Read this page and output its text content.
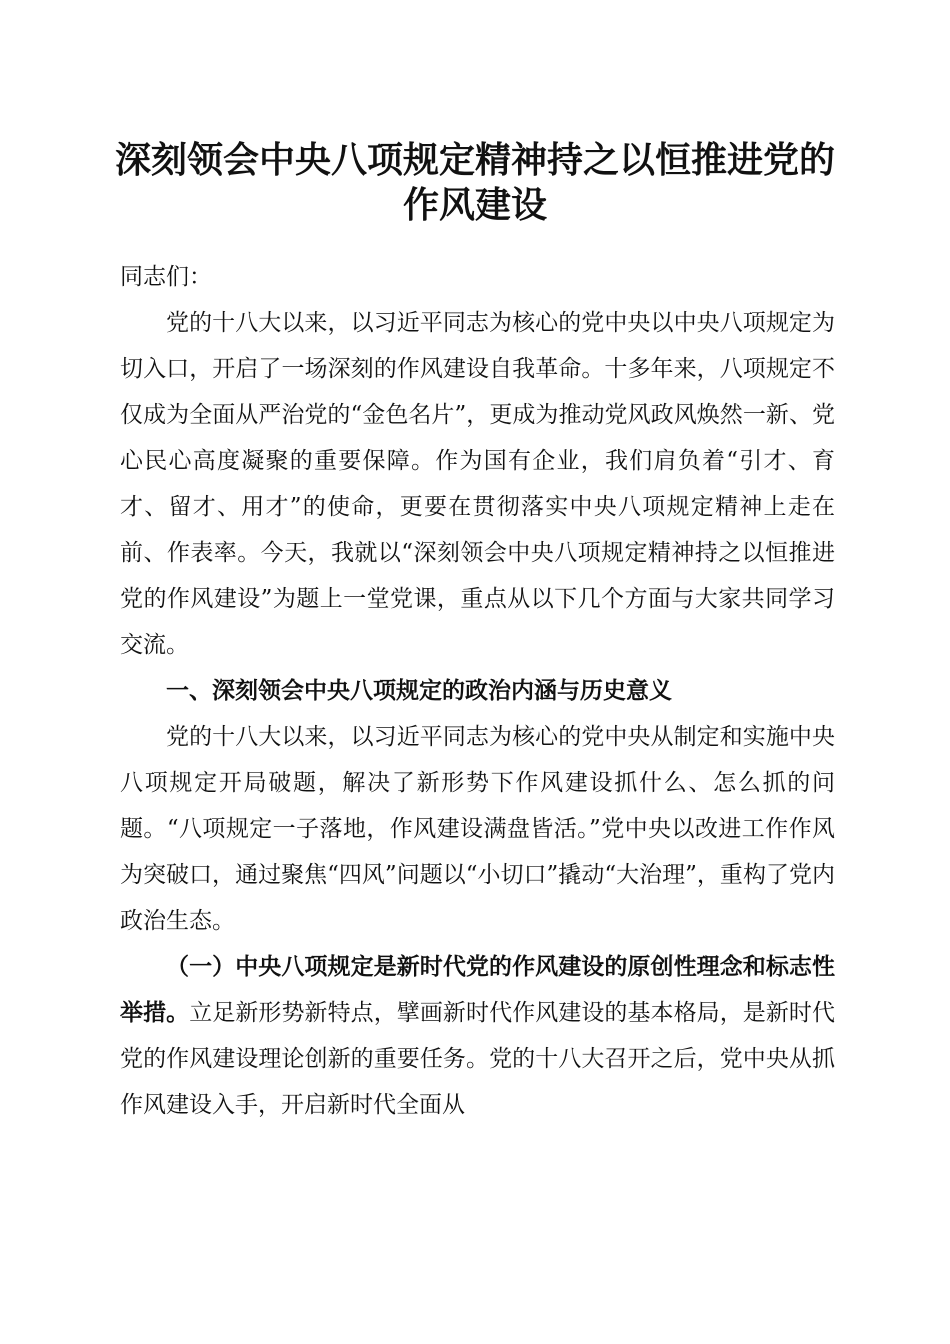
深刻领会中央八项规定精神持之以恒推进党的
作风建设

同志们：

党的十八大以来，以习近平同志为核心的党中央以中央八项规定为切入口，开启了一场深刻的作风建设自我革命。十多年来，八项规定不仅成为全面从严治党的“金色名片”，更成为推动党风政风焕然一新、党心民心高度凝聚的重要保障。作为国有企业，我们肩负着“引才、育才、留才、用才”的使命，更要在贯彻落实中央八项规定精神上走在前、作表率。今天，我就以“深刻领会中央八项规定精神持之以恒推进党的作风建设”为题上一堂党课，重点从以下几个方面与大家共同学习交流。

一、深刻领会中央八项规定的政治内涵与历史意义

党的十八大以来，以习近平同志为核心的党中央从制定和实施中央八项规定开局破题，解决了新形势下作风建设抓什么、怎么抓的问题。“八项规定一子落地，作风建设满盘皆活。”党中央以改进工作作风为突破口，通过聚焦“四风”问题以“小切口”撬动“大治理”，重构了党内政治生态。

（一）中央八项规定是新时代党的作风建设的原创性理念和标志性举措。立足新形势新特点，擘画新时代作风建设的基本格局，是新时代党的作风建设理论创新的重要任务。党的十八大召开之后，党中央从抓作风建设入手，开启新时代全面从
